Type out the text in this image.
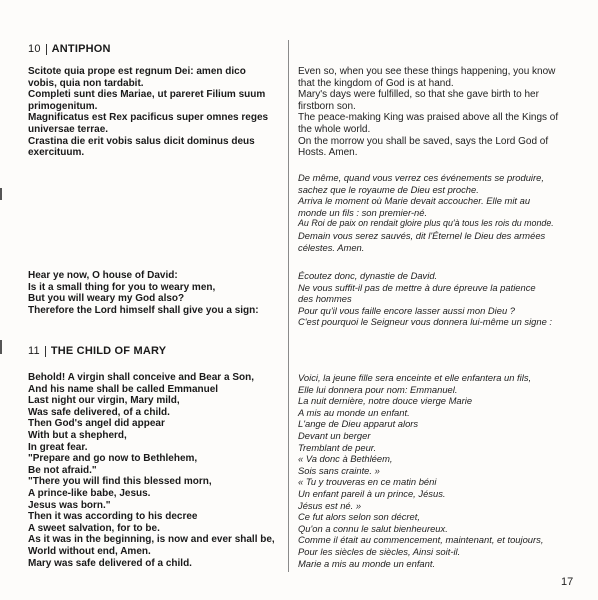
10 ANTIPHON
Scitote quia prope est regnum Dei: amen dico
vobis, quia non tardabit.
Completi sunt dies Mariae, ut pareret Filium suum
primogenitum.
Magnificatus est Rex pacificus super omnes reges
universae terrae.
Crastina die erit vobis salus dicit dominus deus
exercituum.
Even so, when you see these things happening, you know
that the kingdom of God is at hand.
Mary's days were fulfilled, so that she gave birth to her
firstborn son.
The peace-making King was praised above all the Kings of
the whole world.
On the morrow you shall be saved, says the Lord God of
Hosts. Amen.
De même, quand vous verrez ces événements se produire,
sachez que le royaume de Dieu est proche.
Arriva le moment où Marie devait accoucher. Elle mit au
monde un fils : son premier-né.
Au Roi de paix on rendait gloire plus qu'à tous les rois du monde.
Demain vous serez sauvés, dit l'Éternel le Dieu des armées
célestes. Amen.
Hear ye now, O house of David:
Is it a small thing for you to weary men,
But you will weary my God also?
Therefore the Lord himself shall give you a sign:
Écoutez donc, dynastie de David.
Ne vous suffit-il pas de mettre à dure épreuve la patience
des hommes
Pour qu'il vous faille encore lasser aussi mon Dieu ?
C'est pourquoi le Seigneur vous donnera lui-même un signe :
11 THE CHILD OF MARY
Behold! A virgin shall conceive and Bear a Son,
And his name shall be called Emmanuel
Last night our virgin, Mary mild,
Was safe delivered, of a child.
Then God's angel did appear
With but a shepherd,
In great fear.
"Prepare and go now to Bethlehem,
Be not afraid."
"There you will find this blessed morn,
A prince-like babe, Jesus.
Jesus was born."
Then it was according to his decree
A sweet salvation, for to be.
As it was in the beginning, is now and ever shall be,
World without end, Amen.
Mary was safe delivered of a child.
Voici, la jeune fille sera enceinte et elle enfantera un fils,
Elle lui donnera pour nom: Emmanuel.
La nuit dernière, notre douce vierge Marie
A mis au monde un enfant.
L'ange de Dieu apparut alors
Devant un berger
Tremblant de peur.
« Va donc à Bethléem,
Sois sans crainte. »
« Tu y trouveras en ce matin béni
Un enfant pareil à un prince, Jésus.
Jésus est né. »
Ce fut alors selon son décret,
Qu'on a connu le salut bienheureux.
Comme il était au commencement, maintenant, et toujours,
Pour les siècles de siècles, Ainsi soit-il.
Marie a mis au monde un enfant.
17
